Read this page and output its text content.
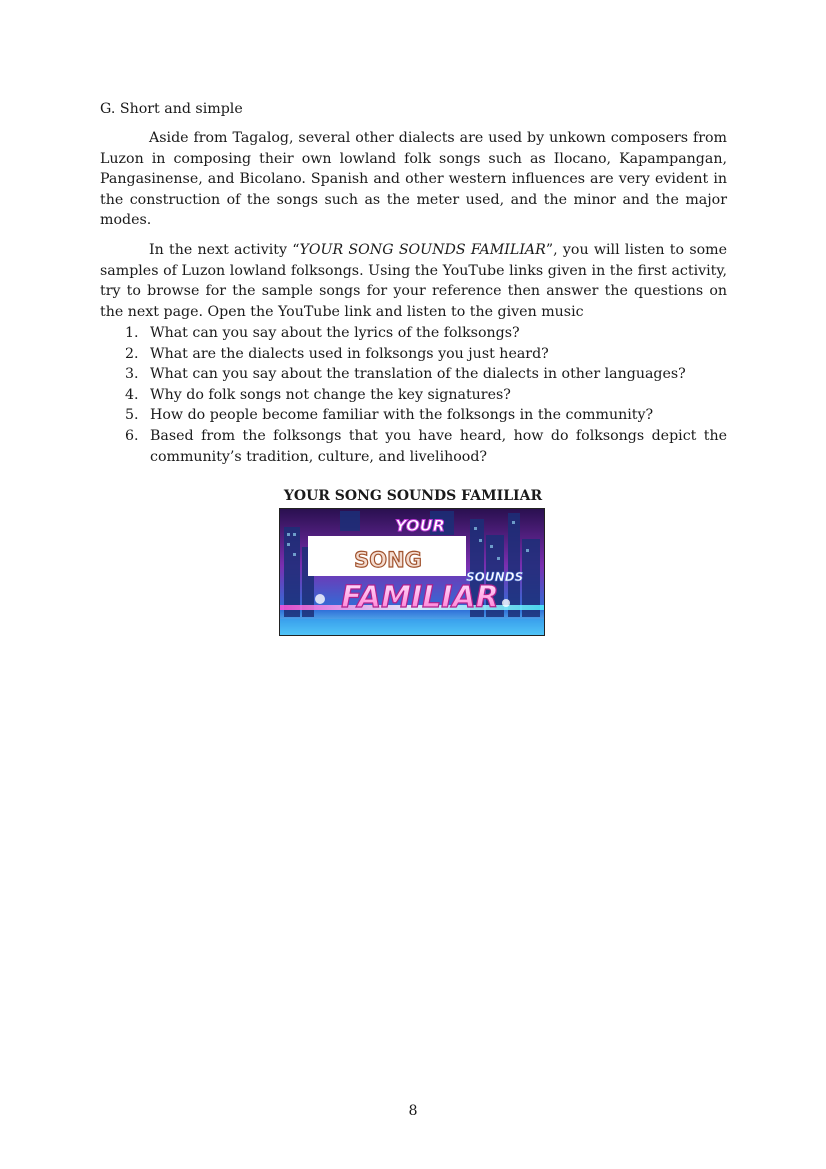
G. Short and simple

Aside from Tagalog, several other dialects are used by unkown composers from Luzon in composing their own lowland folk songs such as Ilocano, Kapampangan, Pangasinense, and Bicolano. Spanish and other western influences are very evident in the construction of the songs such as the meter used, and the minor and the major modes.

In the next activity “YOUR SONG SOUNDS FAMILIAR”, you will listen to some samples of Luzon lowland folksongs. Using the YouTube links given in the first activity, try to browse for the sample songs for your reference then answer the questions on the next page. Open the YouTube link and listen to the given music

1. What can you say about the lyrics of the folksongs?
2. What are the dialects used in folksongs you just heard?
3. What can you say about the translation of the dialects in other languages?
4. Why do folk songs not change the key signatures?
5. How do people become familiar with the folksongs in the community?
6. Based from the folksongs that you have heard, how do folksongs depict the community’s tradition, culture, and livelihood?
YOUR SONG SOUNDS FAMILIAR
YOUR
SONG
SOUNDS
FAMILIAR
8
